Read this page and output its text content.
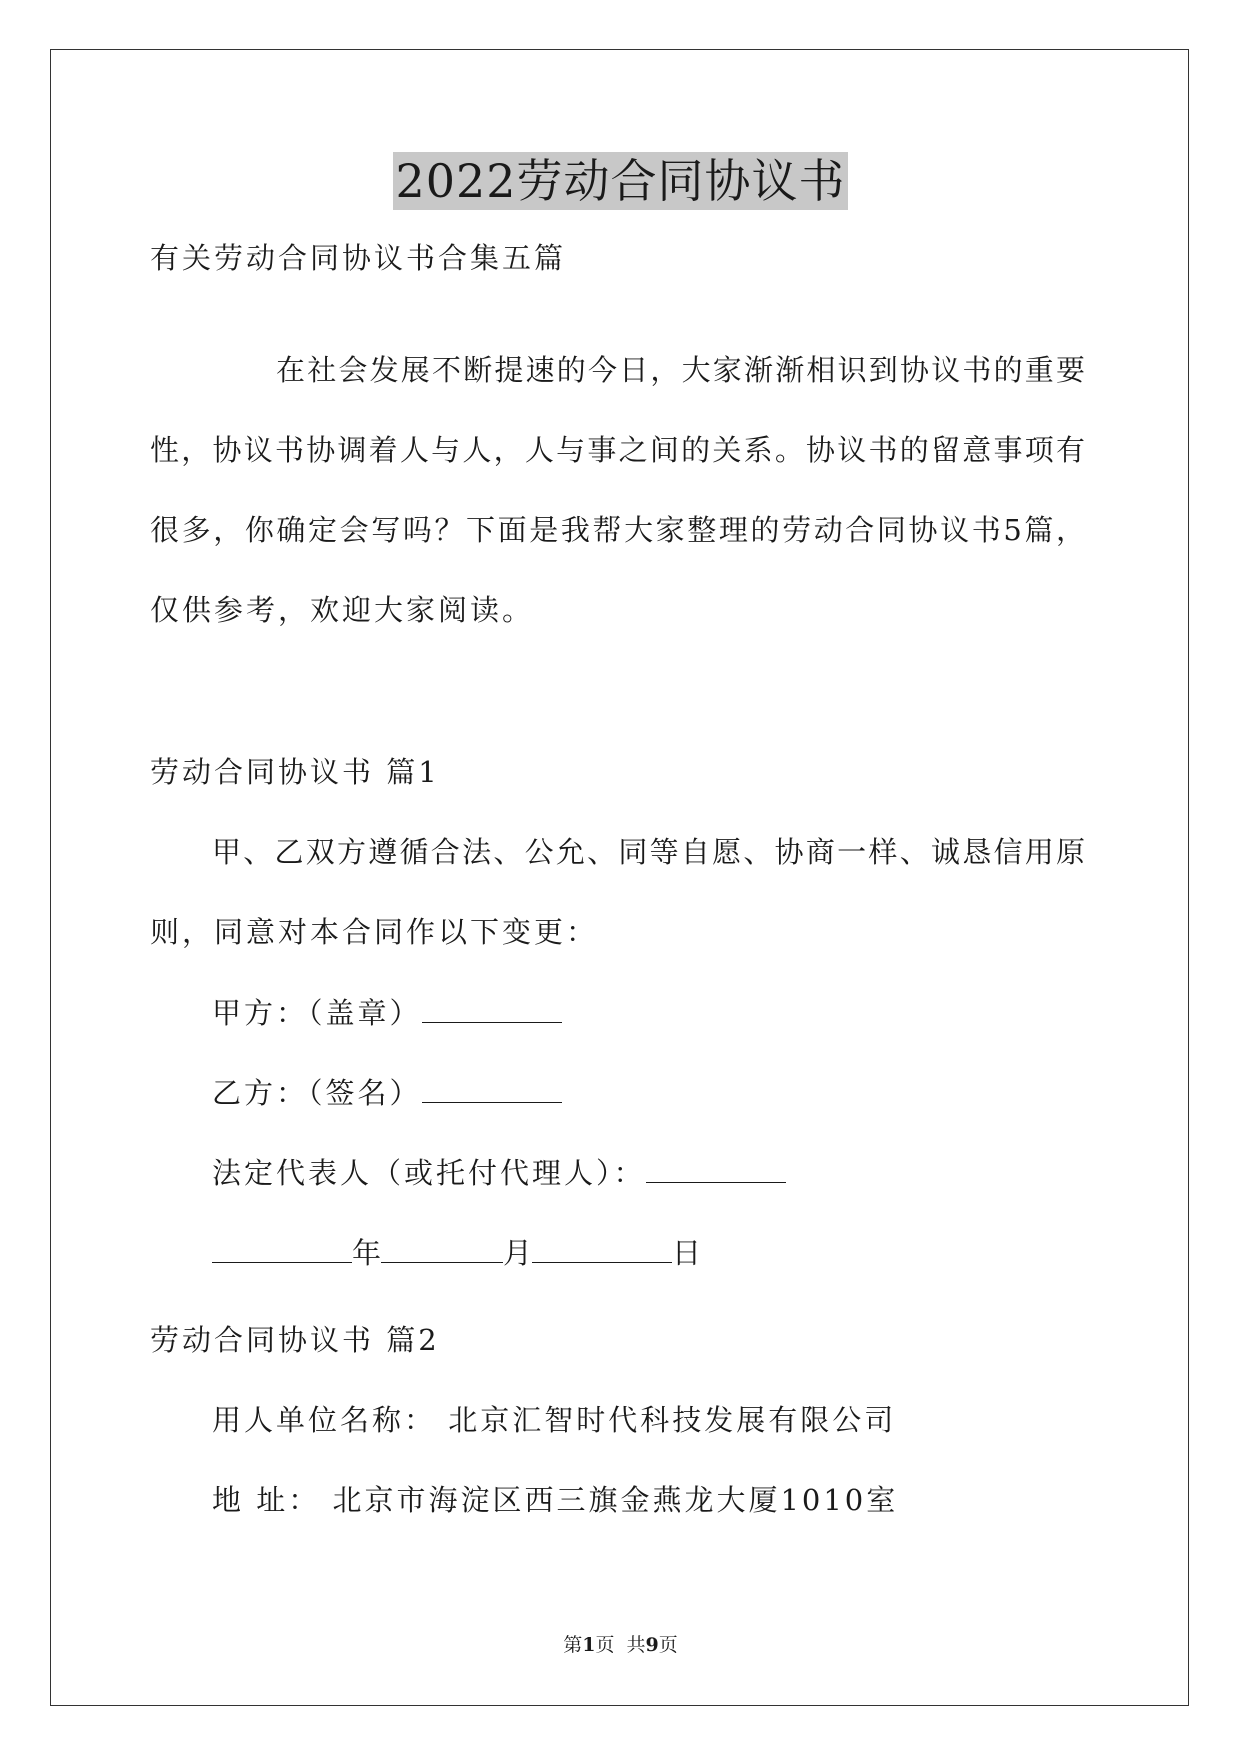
2022劳动合同协议书
有关劳动合同协议书合集五篇
在社会发展不断提速的今日，大家渐渐相识到协议书的重要
性，协议书协调着人与人，人与事之间的关系。协议书的留意事项有
很多，你确定会写吗？下面是我帮大家整理的劳动合同协议书5篇，
仅供参考，欢迎大家阅读。
劳动合同协议书 篇1
甲、乙双方遵循合法、公允、同等自愿、协商一样、诚恳信用原
则，同意对本合同作以下变更：
甲方：（盖章）
乙方：（签名）
法定代表人（或托付代理人）：
年	月	日
劳动合同协议书 篇2
用人单位名称： 北京汇智时代科技发展有限公司
地 址： 北京市海淀区西三旗金燕龙大厦1010室
第1页  共9页
